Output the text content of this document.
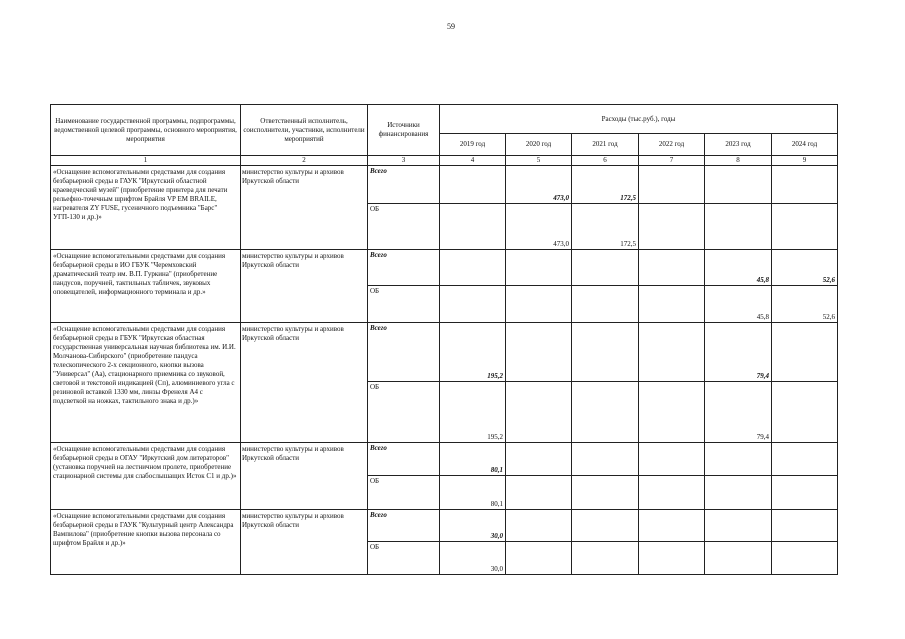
59
Наименование государственной программы, подпрограммы, ведомственной целевой программы, основного мероприятия, мероприятия	Ответственный исполнитель, соисполнители, участники, исполнители мероприятий	Источники финансирования	Расходы (тыс.руб.), годы					
			2019 год	2020 год	2021 год	2022 год	2023 год	2024 год
1	2	3	4	5	6	7	8	9
«Оснащение вспомогательными средствами для создания безбарьерной среды в ГАУК "Иркутский областной краеведческий музей" (приобретение принтера для печати рельефно-точечным шрифтом Брайля VP EM BRAILE, нагревателя ZY FUSE, гусеничного подъемника "Барс" УГП-130 и др.)»	министерство культуры и архивов Иркутской области	Всего		473,0	172,5			
		ОБ		473,0	172,5			
«Оснащение вспомогательными средствами для создания безбарьерной среды в ИО ГБУК "Черемховский драматический театр им. В.П. Гуркина" (приобретение пандусов, поручней, тактильных табличек, звуковых оповещателей, информационного терминала и др.»	министерство культуры и архивов Иркутской области	Всего					45,8	52,6
		ОБ					45,8	52,6
«Оснащение вспомогательными средствами для создания безбарьерной среды в ГБУК "Иркутская областная государственная универсальная научная библиотека им. И.И. Молчанова-Сибирского" (приобретение пандуса телескопического 2-х секционного, кнопки вызова "Универсал" (Аа), стационарного приемника со звуковой, световой и текстовой индикацией (Сп), алюминиевого угла с резиновой вставкой 1330 мм, линзы Френеля А4 с подсветкой на ножках, тактильного знака и др.)»	министерство культуры и архивов Иркутской области	Всего	195,2				79,4	
		ОБ	195,2				79,4	
«Оснащение вспомогательными средствами для создания безбарьерной среды в ОГАУ "Иркутский дом литераторов" (установка поручней на лестничном пролете, приобретение стационарной системы для слабослышащих Исток С1 и др.)»	министерство культуры и архивов Иркутской области	Всего	80,1					
		ОБ	80,1					
«Оснащение вспомогательными средствами для создания безбарьерной среды в ГАУК "Культурный центр Александра Вампилова" (приобретение кнопки вызова персонала со шрифтом Брайля и др.)»	министерство культуры и архивов Иркутской области	Всего	30,0					
		ОБ	30,0					
